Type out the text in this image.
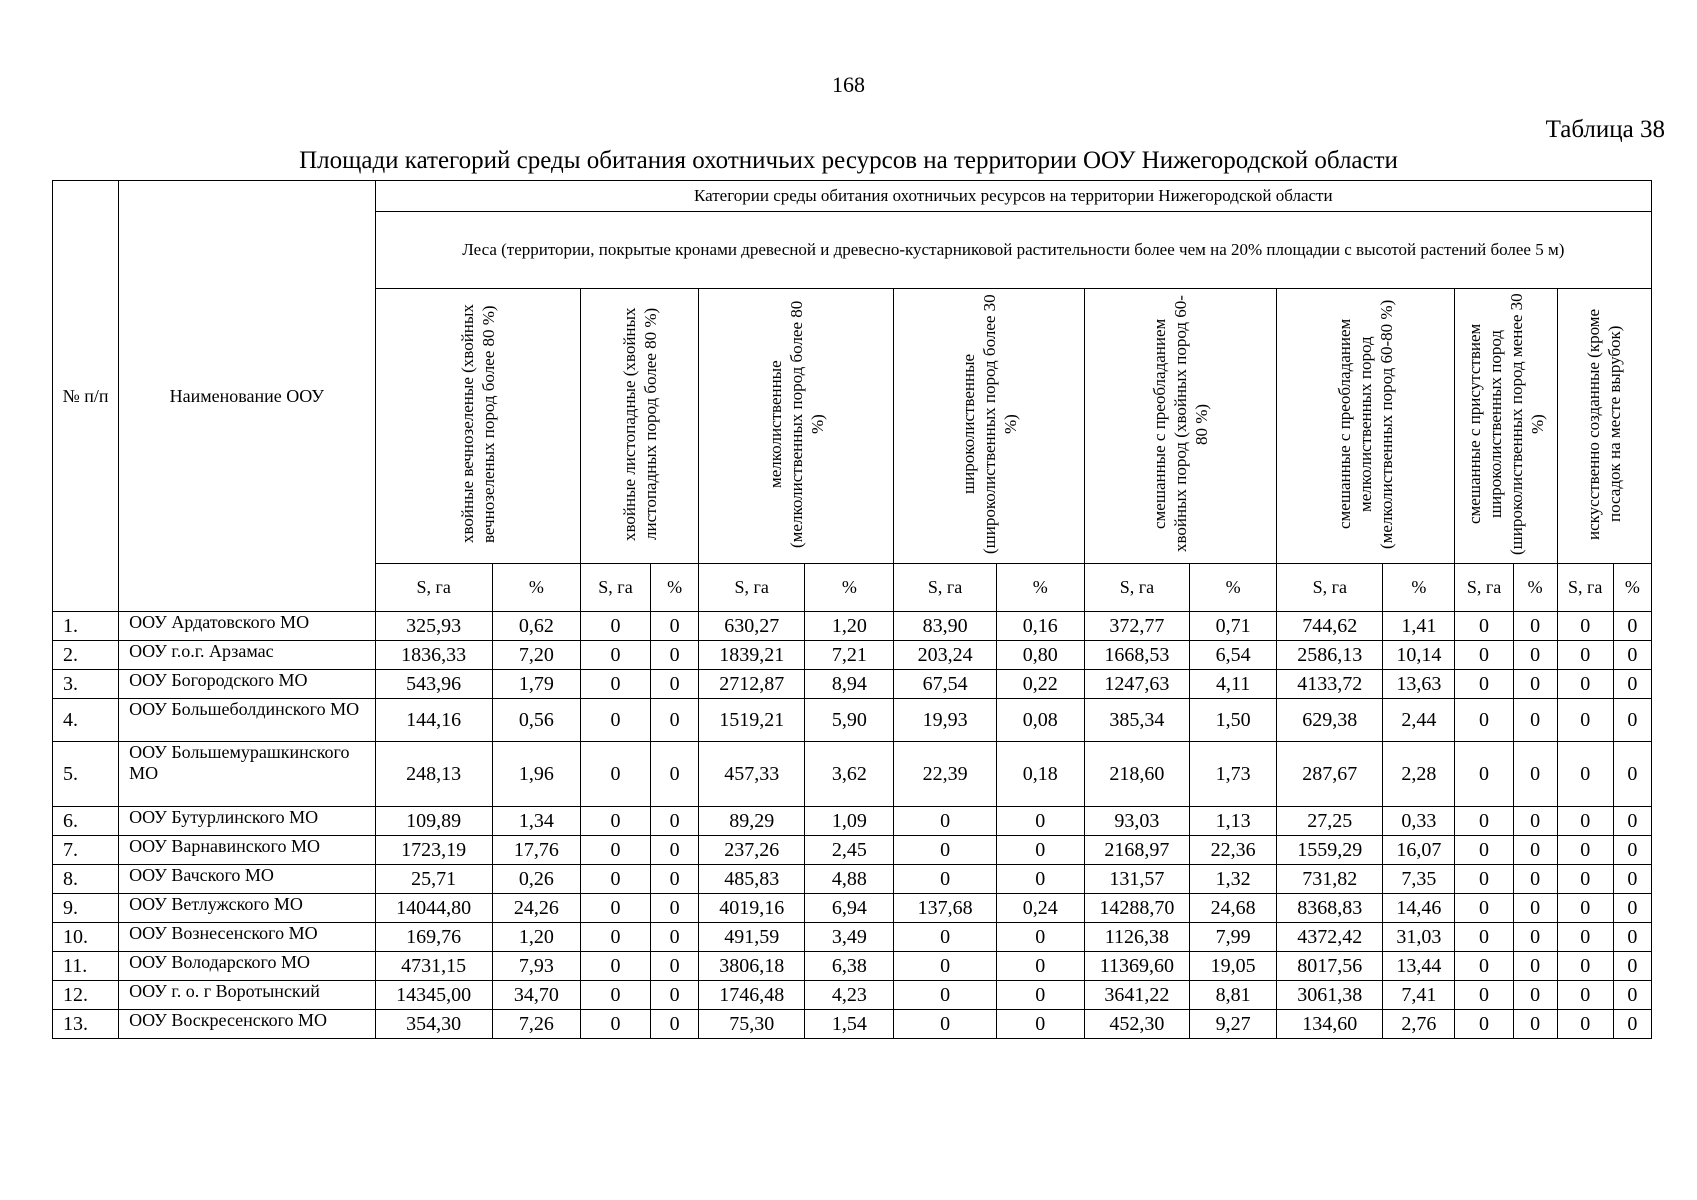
168
Таблица 38
Площади категорий среды обитания охотничьих ресурсов на территории ООУ Нижегородской области
№ п/п	Наименование ООУ	Категории среды обитания охотничьих ресурсов на территории Нижегородской области															
		Леса (территории, покрытые кронами древесной и древесно-кустарниковой растительности более чем на 20% площадии с высотой растений более 5 м)															
		хвойные вечнозеленые (хвойных вечнозеленых пород более 80 %)		хвойные листопадные (хвойных листопадных пород более 80 %)		мелколиственные (мелколиственных пород более 80 %)		широколиственные (широколиственных пород более 30 %)		смешанные с преобладанием хвойных пород (хвойных пород 60-80 %)		смешанные с преобладанием мелколиственных пород (мелколиственных пород 60-80 %)		смешанные с присутствием широколиственных пород (широколиственных пород менее 30 %)		искусственно созданные (кроме посадок на месте вырубок)	
		S, га	%	S, га	%	S, га	%	S, га	%	S, га	%	S, га	%	S, га	%	S, га	%
1.	ООУ Ардатовского МО	325,93	0,62	0	0	630,27	1,20	83,90	0,16	372,77	0,71	744,62	1,41	0	0	0	0
2.	ООУ г.о.г. Арзамас	1836,33	7,20	0	0	1839,21	7,21	203,24	0,80	1668,53	6,54	2586,13	10,14	0	0	0	0
3.	ООУ Богородского МО	543,96	1,79	0	0	2712,87	8,94	67,54	0,22	1247,63	4,11	4133,72	13,63	0	0	0	0
4.	ООУ Большеболдинского МО	144,16	0,56	0	0	1519,21	5,90	19,93	0,08	385,34	1,50	629,38	2,44	0	0	0	0
5.	ООУ Большемурашкинского МО	248,13	1,96	0	0	457,33	3,62	22,39	0,18	218,60	1,73	287,67	2,28	0	0	0	0
6.	ООУ Бутурлинского МО	109,89	1,34	0	0	89,29	1,09	0	0	93,03	1,13	27,25	0,33	0	0	0	0
7.	ООУ Варнавинского МО	1723,19	17,76	0	0	237,26	2,45	0	0	2168,97	22,36	1559,29	16,07	0	0	0	0
8.	ООУ Вачского МО	25,71	0,26	0	0	485,83	4,88	0	0	131,57	1,32	731,82	7,35	0	0	0	0
9.	ООУ Ветлужского МО	14044,80	24,26	0	0	4019,16	6,94	137,68	0,24	14288,70	24,68	8368,83	14,46	0	0	0	0
10.	ООУ Вознесенского МО	169,76	1,20	0	0	491,59	3,49	0	0	1126,38	7,99	4372,42	31,03	0	0	0	0
11.	ООУ Володарского МО	4731,15	7,93	0	0	3806,18	6,38	0	0	11369,60	19,05	8017,56	13,44	0	0	0	0
12.	ООУ г. о. г Воротынский	14345,00	34,70	0	0	1746,48	4,23	0	0	3641,22	8,81	3061,38	7,41	0	0	0	0
13.	ООУ Воскресенского МО	354,30	7,26	0	0	75,30	1,54	0	0	452,30	9,27	134,60	2,76	0	0	0	0
